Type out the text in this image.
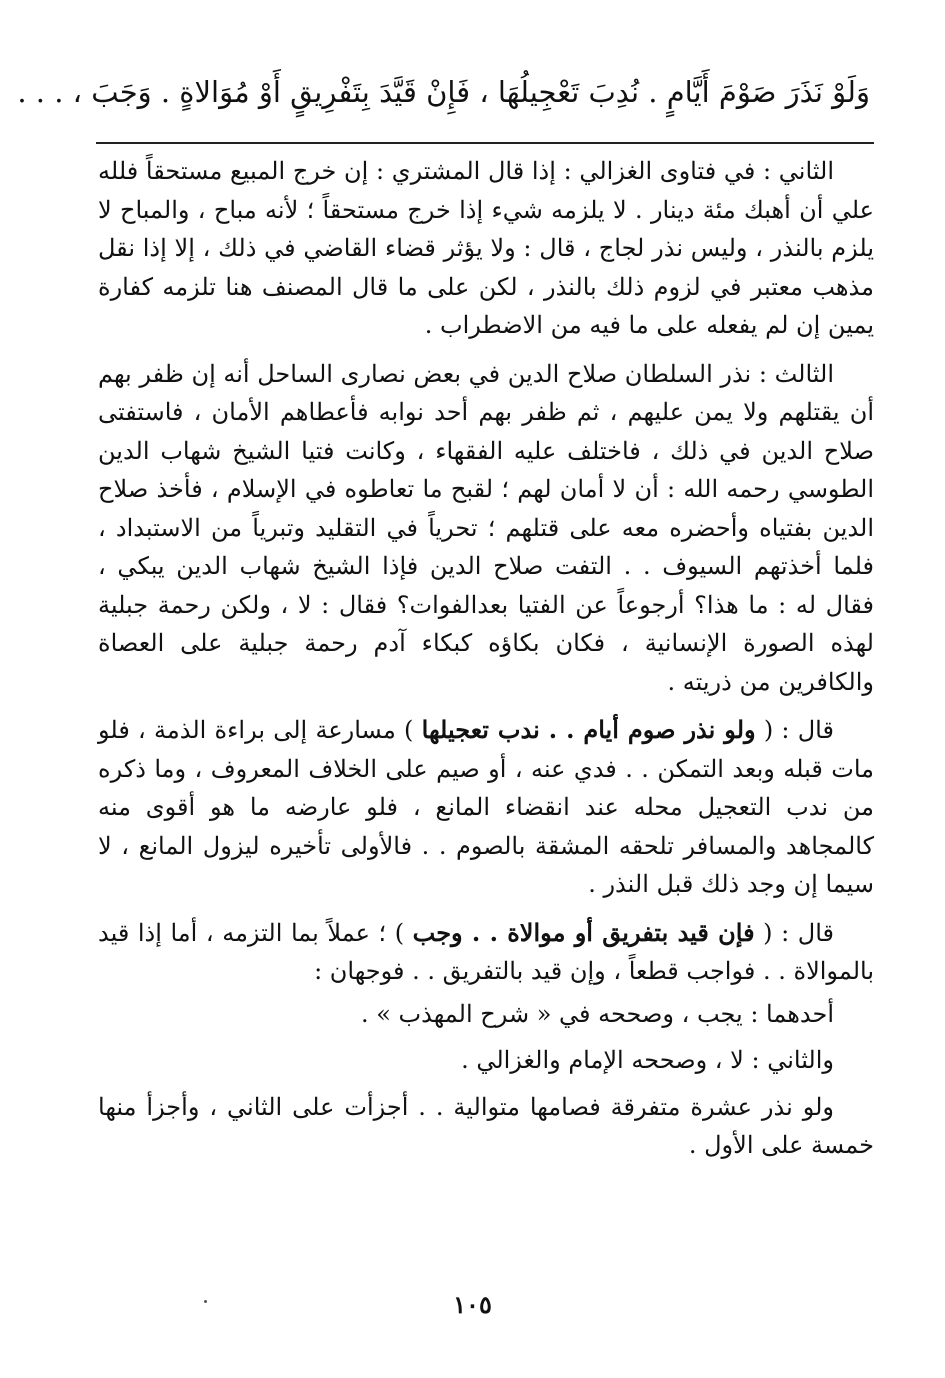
وَلَوْ نَذَرَ صَوْمَ أَيَّامٍ . نُدِبَ تَعْجِيلُهَا ، فَإِنْ قَيَّدَ بِتَفْرِيقٍ أَوْ مُوَالاةٍ . وَجَبَ ، . . .

الثاني : في فتاوى الغزالي : إذا قال المشتري : إن خرج المبيع مستحقاً فلله علي أن أهبك مئة دينار . لا يلزمه شيء إذا خرج مستحقاً ؛ لأنه مباح ، والمباح لا يلزم بالنذر ، وليس نذر لجاج ، قال : ولا يؤثر قضاء القاضي في ذلك ، إلا إذا نقل مذهب معتبر في لزوم ذلك بالنذر ، لكن على ما قال المصنف هنا تلزمه كفارة يمين إن لم يفعله على ما فيه من الاضطراب .

الثالث : نذر السلطان صلاح الدين في بعض نصارى الساحل أنه إن ظفر بهم أن يقتلهم ولا يمن عليهم ، ثم ظفر بهم أحد نوابه فأعطاهم الأمان ، فاستفتى صلاح الدين في ذلك ، فاختلف عليه الفقهاء ، وكانت فتيا الشيخ شهاب الدين الطوسي رحمه الله : أن لا أمان لهم ؛ لقبح ما تعاطوه في الإسلام ، فأخذ صلاح الدين بفتياه وأحضره معه على قتلهم ؛ تحرياً في التقليد وتبرياً من الاستبداد ، فلما أخذتهم السيوف . . التفت صلاح الدين فإذا الشيخ شهاب الدين يبكي ، فقال له : ما هذا؟ أرجوعاً عن الفتيا بعدالفوات؟ فقال : لا ، ولكن رحمة جبلية لهذه الصورة الإنسانية ، فكان بكاؤه كبكاء آدم رحمة جبلية على العصاة والكافرين من ذريته .

قال : ( ولو نذر صوم أيام . . ندب تعجيلها ) مسارعة إلى براءة الذمة ، فلو مات قبله وبعد التمكن . . فدي عنه ، أو صيم على الخلاف المعروف ، وما ذكره من ندب التعجيل محله عند انقضاء المانع ، فلو عارضه ما هو أقوى منه كالمجاهد والمسافر تلحقه المشقة بالصوم . . فالأولى تأخيره ليزول المانع ، لا سيما إن وجد ذلك قبل النذر .

قال : ( فإن قيد بتفريق أو موالاة . . وجب ) ؛ عملاً بما التزمه ، أما إذا قيد بالموالاة . . فواجب قطعاً ، وإن قيد بالتفريق . . فوجهان :

أحدهما : يجب ، وصححه في « شرح المهذب » .

والثاني : لا ، وصححه الإمام والغزالي .

ولو نذر عشرة متفرقة فصامها متوالية . . أجزأت على الثاني ، وأجزأ منها خمسة على الأول .

١٠٥
